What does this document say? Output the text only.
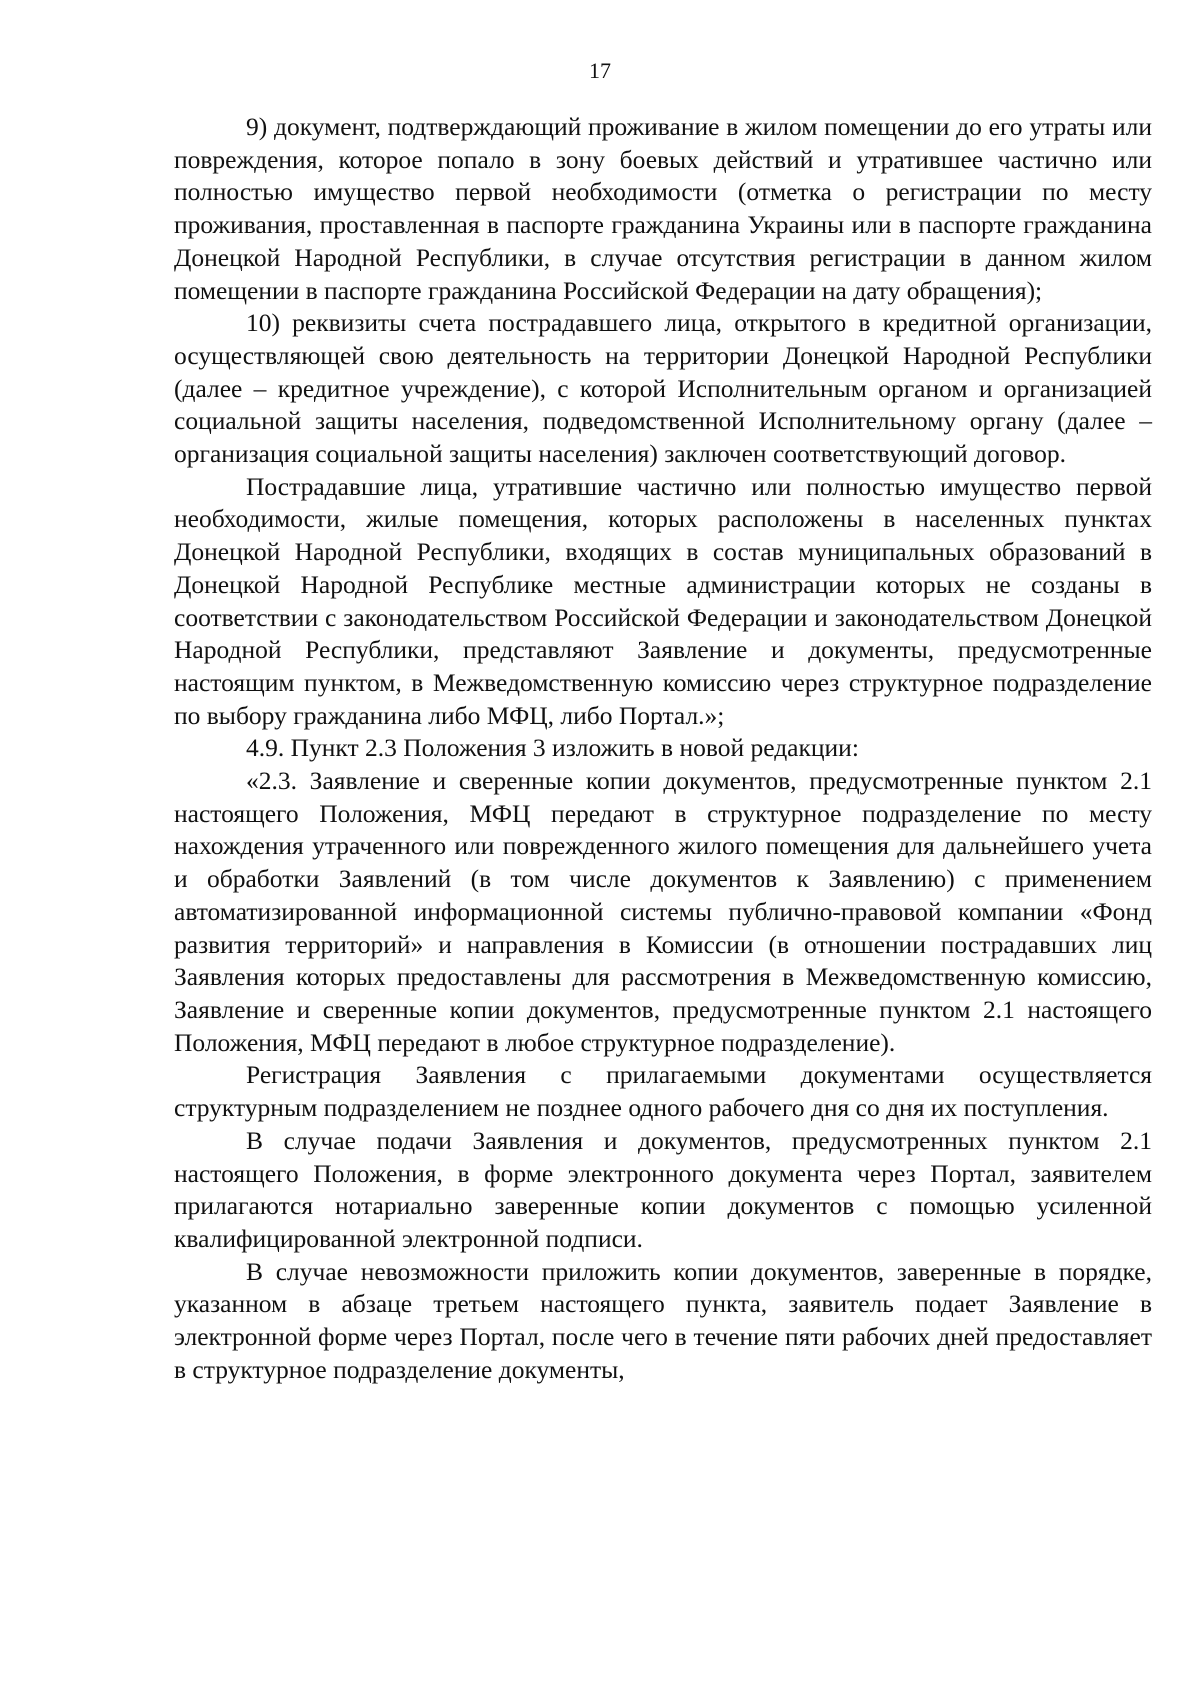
17

9) документ, подтверждающий проживание в жилом помещении до его утраты или повреждения, которое попало в зону боевых действий и утратившее частично или полностью имущество первой необходимости (отметка о регистрации по месту проживания, проставленная в паспорте гражданина Украины или в паспорте гражданина Донецкой Народной Республики, в случае отсутствия регистрации в данном жилом помещении в паспорте гражданина Российской Федерации на дату обращения);

10) реквизиты счета пострадавшего лица, открытого в кредитной организации, осуществляющей свою деятельность на территории Донецкой Народной Республики (далее – кредитное учреждение), с которой Исполнительным органом и организацией социальной защиты населения, подведомственной Исполнительному органу (далее – организация социальной защиты населения) заключен соответствующий договор.

Пострадавшие лица, утратившие частично или полностью имущество первой необходимости, жилые помещения, которых расположены в населенных пунктах Донецкой Народной Республики, входящих в состав муниципальных образований в Донецкой Народной Республике местные администрации которых не созданы в соответствии с законодательством Российской Федерации и законодательством Донецкой Народной Республики, представляют Заявление и документы, предусмотренные настоящим пунктом, в Межведомственную комиссию через структурное подразделение по выбору гражданина либо МФЦ, либо Портал.»;

4.9. Пункт 2.3 Положения 3 изложить в новой редакции:

«2.3. Заявление и сверенные копии документов, предусмотренные пунктом 2.1 настоящего Положения, МФЦ передают в структурное подразделение по месту нахождения утраченного или поврежденного жилого помещения для дальнейшего учета и обработки Заявлений (в том числе документов к Заявлению) с применением автоматизированной информационной системы публично-правовой компании «Фонд развития территорий» и направления в Комиссии (в отношении пострадавших лиц Заявления которых предоставлены для рассмотрения в Межведомственную комиссию, Заявление и сверенные копии документов, предусмотренные пунктом 2.1 настоящего Положения, МФЦ передают в любое структурное подразделение).

Регистрация Заявления с прилагаемыми документами осуществляется структурным подразделением не позднее одного рабочего дня со дня их поступления.

В случае подачи Заявления и документов, предусмотренных пунктом 2.1 настоящего Положения, в форме электронного документа через Портал, заявителем прилагаются нотариально заверенные копии документов с помощью усиленной квалифицированной электронной подписи.

В случае невозможности приложить копии документов, заверенные в порядке, указанном в абзаце третьем настоящего пункта, заявитель подает Заявление в электронной форме через Портал, после чего в течение пяти рабочих дней предоставляет в структурное подразделение документы,
